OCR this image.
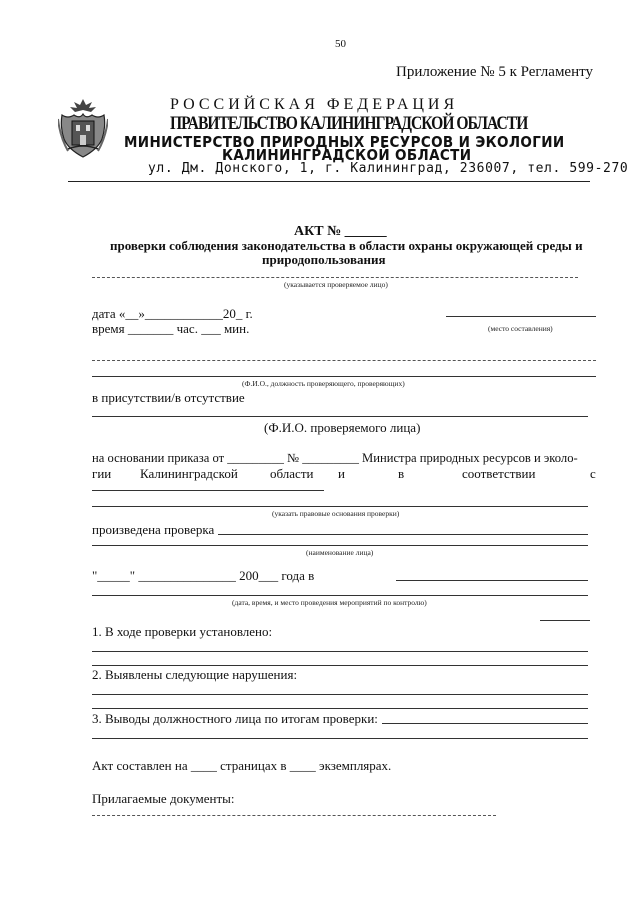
50
Приложение № 5 к Регламенту
РОССИЙСКАЯ ФЕДЕРАЦИЯ
ПРАВИТЕЛЬСТВО КАЛИНИНГРАДСКОЙ ОБЛАСТИ
МИНИСТЕРСТВО ПРИРОДНЫХ РЕСУРСОВ И ЭКОЛОГИИ
КАЛИНИНГРАДСКОЙ ОБЛАСТИ
ул. Дм. Донского, 1, г. Калининград, 236007, тел. 599-270
АКТ № ______
проверки соблюдения законодательства в области охраны окружающей среды и
природопользования
(указывается проверяемое лицо)
дата «__»____________20_ г.
время _______ час. ___ мин.	(место составления)
(Ф.И.О., должность проверяющего, проверяющих)
в присутствии/в отсутствие
(Ф.И.О. проверяемого лица)
на основании приказа от _________ № _________ Министра природных ресурсов и эколо-
гии Калининградской области и	в	соответствии	с
(указать правовые основания проверки)
произведена проверка
(наименование лица)
"_____" _______________ 200___ года в
(дата, время, и место проведения мероприятий по контролю)
1. В ходе проверки установлено:
2. Выявлены следующие нарушения:
3. Выводы должностного лица по итогам проверки:
Акт составлен на ____ страницах в ____ экземплярах.
Прилагаемые документы:
